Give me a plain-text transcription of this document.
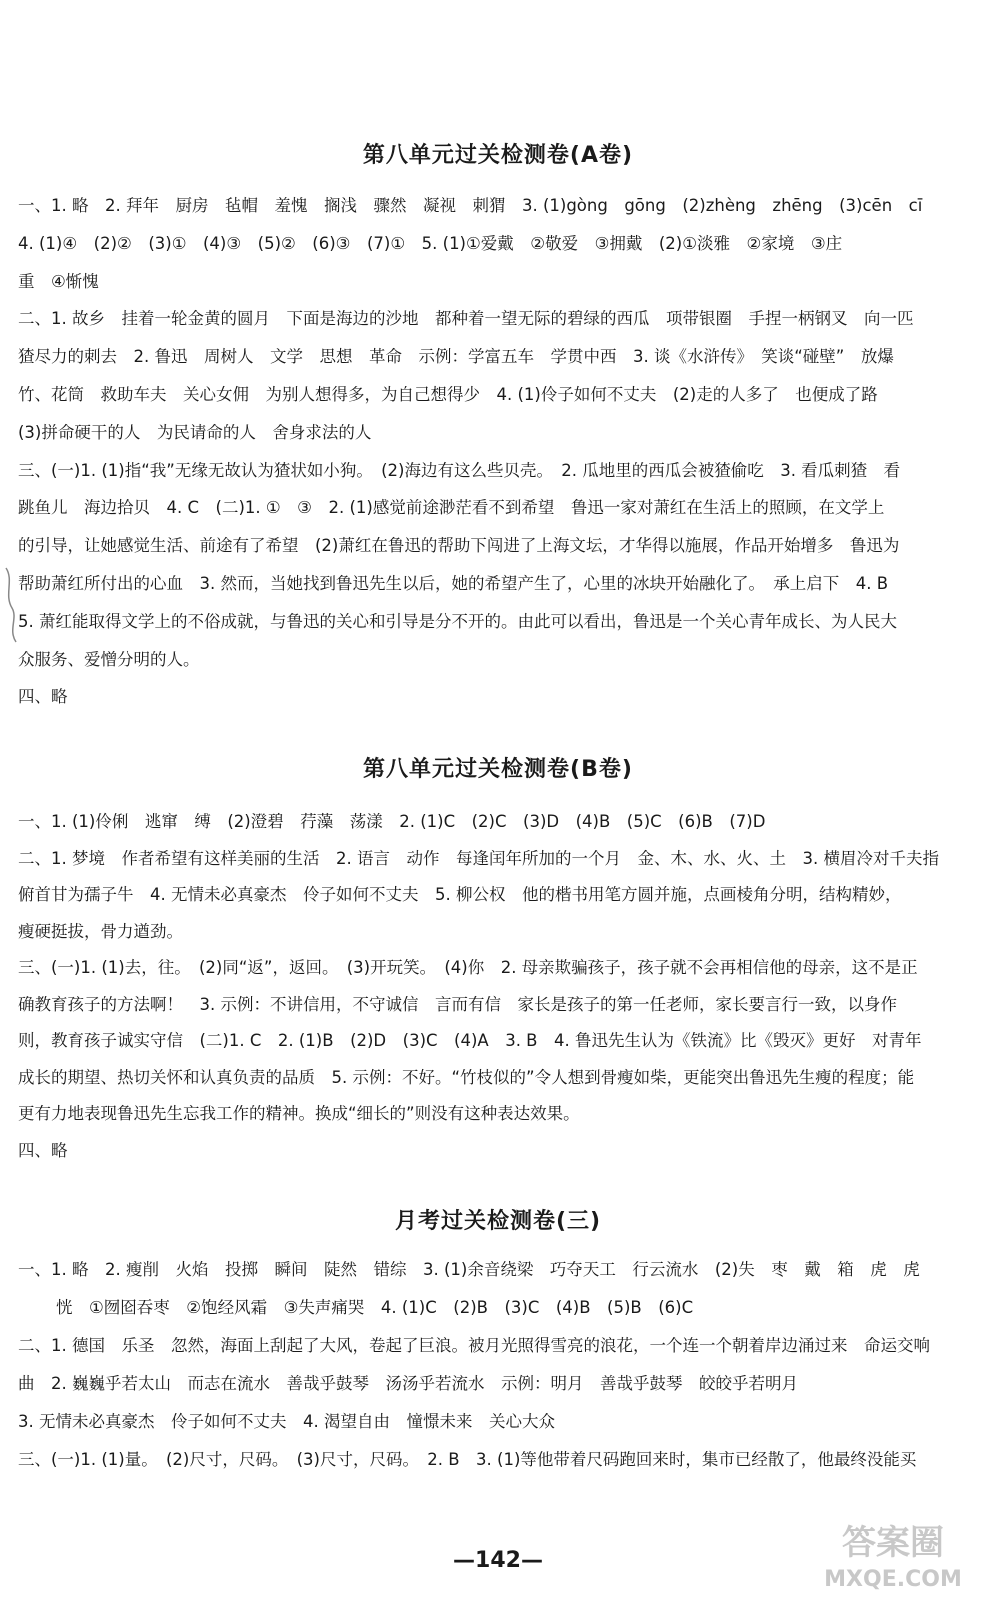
第八单元过关检测卷(A卷)
一、1. 略　2. 拜年　厨房　毡帽　羞愧　搁浅　骤然　凝视　刺猬　3. (1)gòng　gōng　(2)zhèng　zhēng　(3)cēn　cī
4. (1)④　(2)②　(3)①　(4)③　(5)②　(6)③　(7)①　5. (1)①爱戴　②敬爱　③拥戴　(2)①淡雅　②家境　③庄
重　④惭愧
二、1. 故乡　挂着一轮金黄的圆月　下面是海边的沙地　都种着一望无际的碧绿的西瓜　项带银圈　手捏一柄钢叉　向一匹
猹尽力的刺去　2. 鲁迅　周树人　文学　思想　革命　示例：学富五车　学贯中西　3. 谈《水浒传》　笑谈“碰壁”　放爆
竹、花筒　救助车夫　关心女佣　为别人想得多，为自己想得少　4. (1)伶子如何不丈夫　(2)走的人多了　也便成了路
(3)拼命硬干的人　为民请命的人　舍身求法的人
三、(一)1. (1)指“我”无缘无故认为猹状如小狗。　(2)海边有这么些贝壳。　2. 瓜地里的西瓜会被猹偷吃　3. 看瓜刺猹　看
跳鱼儿　海边拾贝　4. C　(二)1. ①　③　2. (1)感觉前途渺茫看不到希望　鲁迅一家对萧红在生活上的照顾，在文学上
的引导，让她感觉生活、前途有了希望　(2)萧红在鲁迅的帮助下闯进了上海文坛，才华得以施展，作品开始增多　鲁迅为
帮助萧红所付出的心血　3. 然而，当她找到鲁迅先生以后，她的希望产生了，心里的冰块开始融化了。　承上启下　4. B
5. 萧红能取得文学上的不俗成就，与鲁迅的关心和引导是分不开的。由此可以看出，鲁迅是一个关心青年成长、为人民大
众服务、爱憎分明的人。
四、略
第八单元过关检测卷(B卷)
一、1. (1)伶俐　逃窜　缚　(2)澄碧　荇藻　荡漾　2. (1)C　(2)C　(3)D　(4)B　(5)C　(6)B　(7)D
二、1. 梦境　作者希望有这样美丽的生活　2. 语言　动作　每逢闰年所加的一个月　金、木、水、火、土　3. 横眉冷对千夫指
俯首甘为孺子牛　4. 无情未必真豪杰　伶子如何不丈夫　5. 柳公权　他的楷书用笔方圆并施，点画棱角分明，结构精妙，
瘦硬挺拔，骨力遒劲。
三、(一)1. (1)去，往。　(2)同“返”，返回。　(3)开玩笑。　(4)你　2. 母亲欺骗孩子，孩子就不会再相信他的母亲，这不是正
确教育孩子的方法啊！　3. 示例：不讲信用，不守诚信　言而有信　家长是孩子的第一任老师，家长要言行一致，以身作
则，教育孩子诚实守信　(二)1. C　2. (1)B　(2)D　(3)C　(4)A　3. B　4. 鲁迅先生认为《铁流》比《毁灭》更好　对青年
成长的期望、热切关怀和认真负责的品质　5. 示例：不好。“竹枝似的”令人想到骨瘦如柴，更能突出鲁迅先生瘦的程度；能
更有力地表现鲁迅先生忘我工作的精神。换成“细长的”则没有这种表达效果。
四、略
月考过关检测卷(三)
一、1. 略　2. 瘦削　火焰　投掷　瞬间　陡然　错综　3. (1)余音绕梁　巧夺天工　行云流水　(2)失　枣　戴　箱　虎　虎
恍　①囫囵吞枣　②饱经风霜　③失声痛哭　4. (1)C　(2)B　(3)C　(4)B　(5)B　(6)C
二、1. 德国　乐圣　忽然，海面上刮起了大风，卷起了巨浪。被月光照得雪亮的浪花，一个连一个朝着岸边涌过来　命运交响
曲　2. 巍巍乎若太山　而志在流水　善哉乎鼓琴　汤汤乎若流水　示例：明月　善哉乎鼓琴　皎皎乎若明月
3. 无情未必真豪杰　伶子如何不丈夫　4. 渴望自由　憧憬未来　关心大众
三、(一)1. (1)量。　(2)尺寸，尺码。　(3)尺寸，尺码。　2. B　3. (1)等他带着尺码跑回来时，集市已经散了，他最终没能买
—142—	答案圈
MXQE.COM
